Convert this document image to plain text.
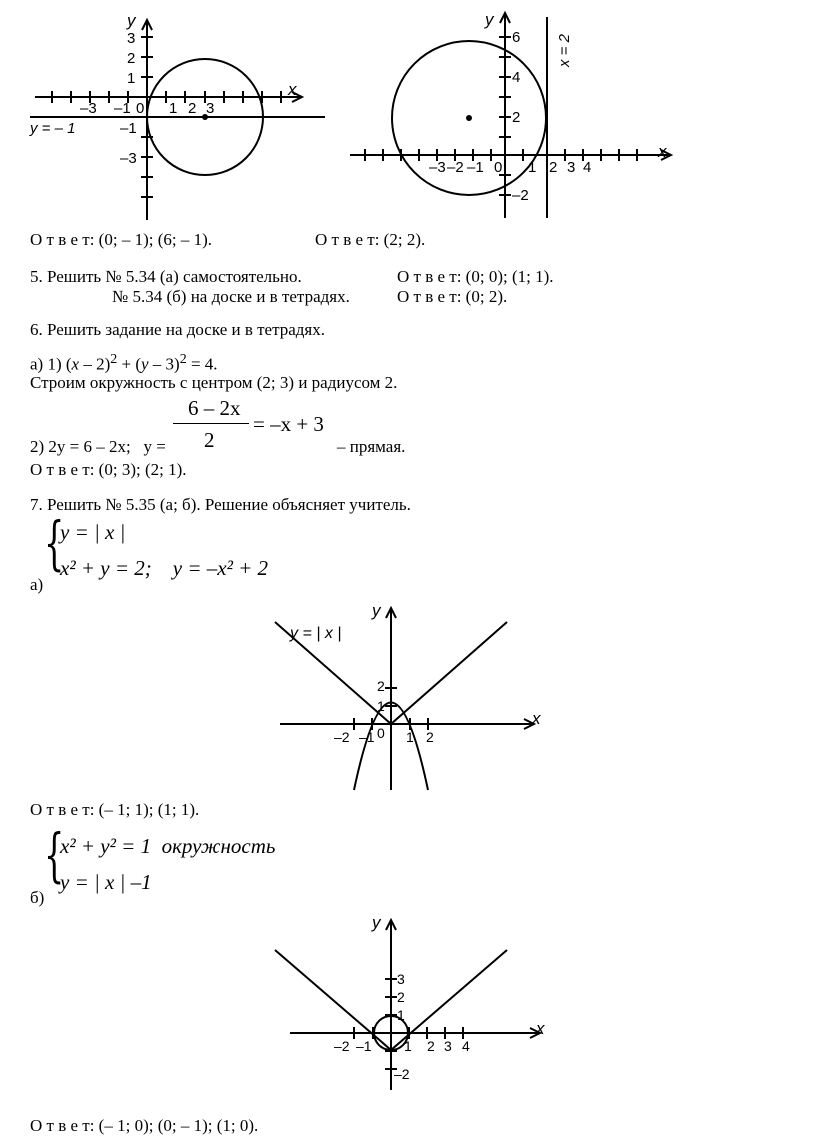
x
y
–3 –1 0 1 2 3
3
2
1
–1
–3
y = – 1
x
y
–3 –2 –1 0 1 2 3 4
6
4
2
–2
x = 2
О т в е т: (0; – 1); (6; – 1).	О т в е т: (2; 2).
5. Решить № 5.34 (а) самостоятельно.	О т в е т: (0; 0); (1; 1).
№ 5.34 (б) на доске и в тетрадях.	О т в е т: (0; 2).
6. Решить задание на доске и в тетрадях.
а) 1) (x – 2)$^2$ + (y – 3)$^2$ = 4.
Строим окружность с центром (2; 3) и радиусом 2.
6 – 2x
2
= –x + 3
2) 2y = 6 – 2x;   y =	– прямая.
О т в е т: (0; 3); (2; 1).
7. Решить № 5.35 (а; б). Решение объясняет учитель.
{
y = | x |
x² + y = 2;    y = –x² + 2
а)
x
y
y = | x |
–2 –1 0 1 2
2
1
О т в е т: (– 1; 1); (1; 1).
{
x² + y² = 1  окружность
y = | x | –1
б)
x
y
–2 –1 1 2 3 4
3
2
1
–2
О т в е т: (– 1; 0); (0; – 1); (1; 0).
